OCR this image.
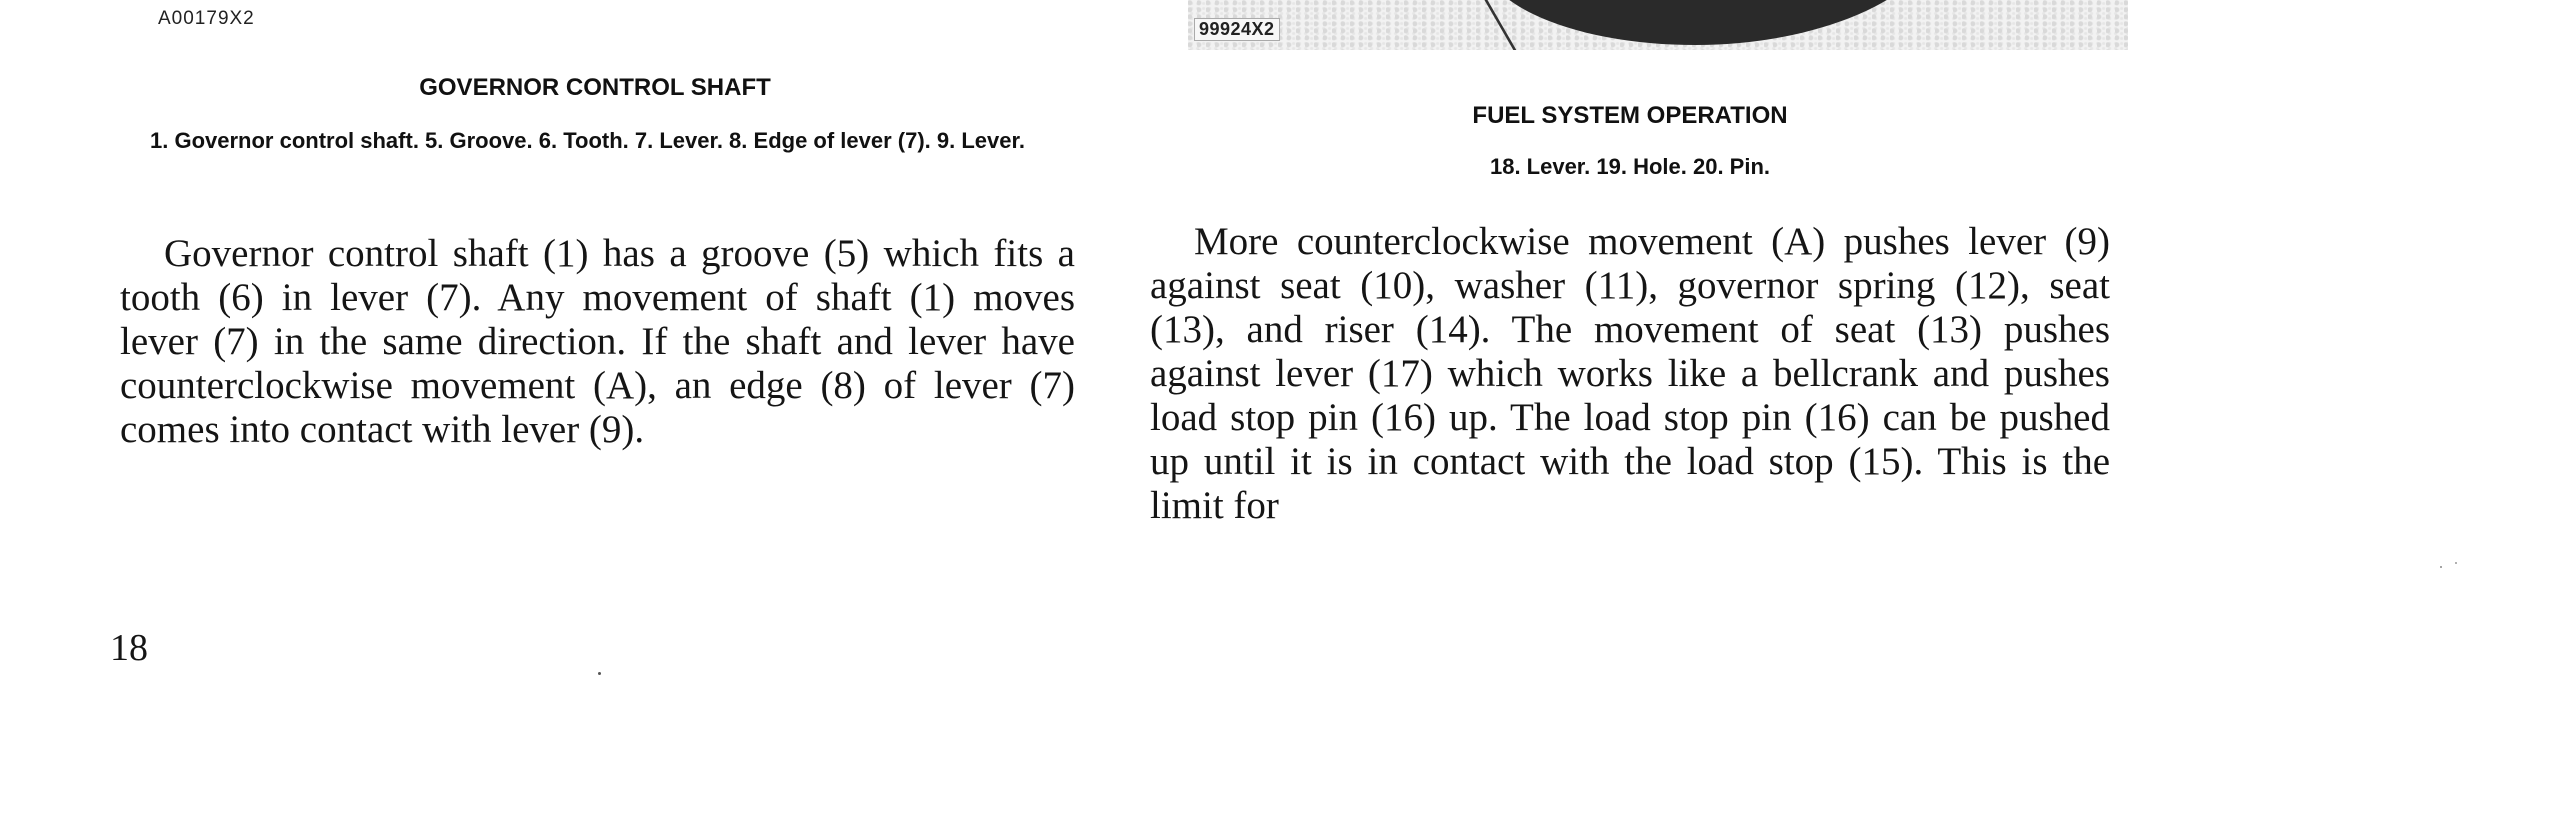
A00179X2
GOVERNOR CONTROL SHAFT

1. Governor control shaft. 5. Groove. 6. Tooth. 7. Lever. 8. Edge of lever (7). 9. Lever.

Governor control shaft (1) has a groove (5) which fits a tooth (6) in lever (7). Any movement of shaft (1) moves lever (7) in the same direction. If the shaft and lever have counterclockwise movement (A), an edge (8) of lever (7) comes into contact with lever (9).

99924X2
FUEL SYSTEM OPERATION

18. Lever. 19. Hole. 20. Pin.

More counterclockwise movement (A) pushes lever (9) against seat (10), washer (11), governor spring (12), seat (13), and riser (14). The movement of seat (13) pushes against lever (17) which works like a bellcrank and pushes load stop pin (16) up. The load stop pin (16) can be pushed up until it is in contact with the load stop (15). This is the limit for

18
